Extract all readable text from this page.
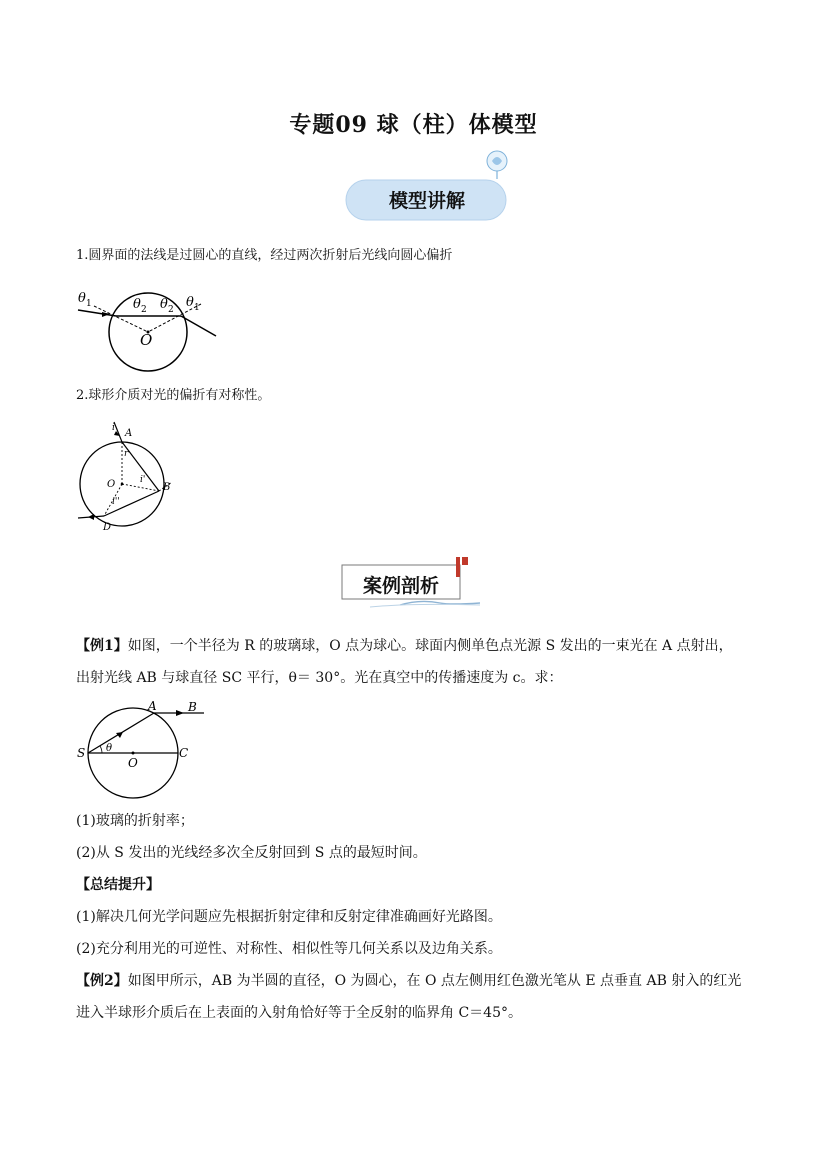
专题09 球（柱）体模型
模型讲解
1.圆界面的法线是过圆心的直线，经过两次折射后光线向圆心偏折
θ 1	θ 2 θ 2 θ 1
O
2.球形介质对光的偏折有对称性。
A
B
D
O
i
r
i'
i''
案例剖析
【例1】如图，一个半径为 R 的玻璃球，O 点为球心。球面内侧单色点光源 S 发出的一束光在 A 点射出，
出射光线 AB 与球直径 SC 平行，θ＝ 30°。光在真空中的传播速度为 c。求：
A	B
S	C
O
θ
(1)玻璃的折射率；
(2)从 S 发出的光线经多次全反射回到 S 点的最短时间。
【总结提升】
(1)解决几何光学问题应先根据折射定律和反射定律准确画好光路图。
(2)充分利用光的可逆性、对称性、相似性等几何关系以及边角关系。
【例2】如图甲所示，AB 为半圆的直径，O 为圆心，在 O 点左侧用红色激光笔从 E 点垂直 AB 射入的红光
进入半球形介质后在上表面的入射角恰好等于全反射的临界角 C＝45°。
